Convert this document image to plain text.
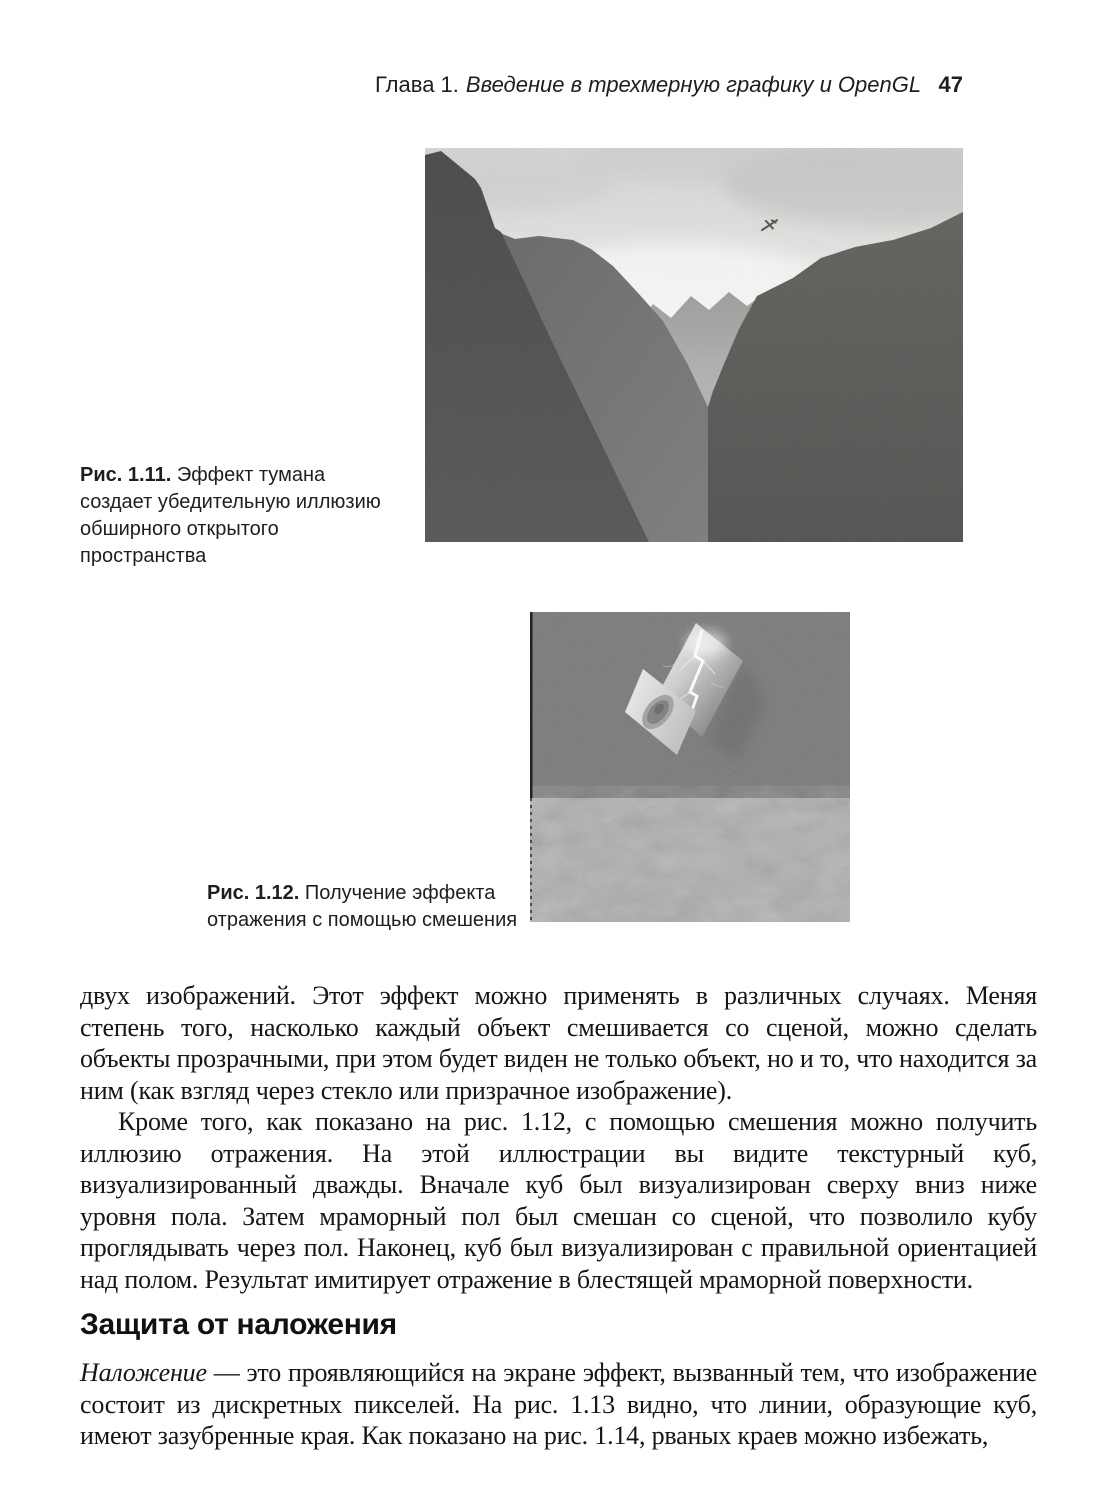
Глава 1. Введение в трехмерную графику и OpenGL 47

Рис. 1.11. Эффект тумана создает убедительную иллюзию обширного открытого пространства

Рис. 1.12. Получение эффекта отражения с помощью смешения

двух изображений. Этот эффект можно применять в различных случаях. Меняя степень того, насколько каждый объект смешивается со сценой, можно сделать объекты прозрачными, при этом будет виден не только объект, но и то, что находится за ним (как взгляд через стекло или призрачное изображение).

Кроме того, как показано на рис. 1.12, с помощью смешения можно получить иллюзию отражения. На этой иллюстрации вы видите текстурный куб, визуализированный дважды. Вначале куб был визуализирован сверху вниз ниже уровня пола. Затем мраморный пол был смешан со сценой, что позволило кубу проглядывать через пол. Наконец, куб был визуализирован с правильной ориентацией над полом. Результат имитирует отражение в блестящей мраморной поверхности.

Защита от наложения

Наложение — это проявляющийся на экране эффект, вызванный тем, что изображение состоит из дискретных пикселей. На рис. 1.13 видно, что линии, образующие куб, имеют зазубренные края. Как показано на рис. 1.14, рваных краев можно избежать,
